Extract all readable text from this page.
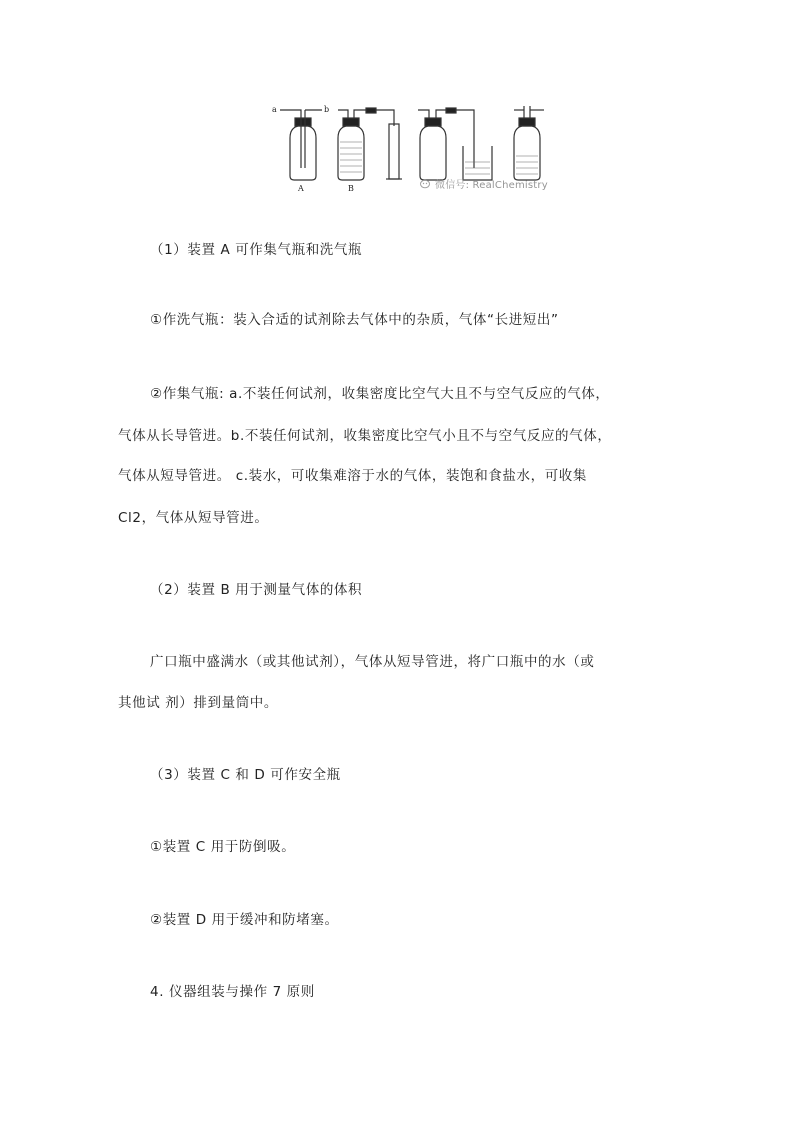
a	b
A	B	微信号: RealChemistry
（1）装置 A 可作集气瓶和洗气瓶
①作洗气瓶：装入合适的试剂除去气体中的杂质，气体“长进短出”
②作集气瓶: a.不装任何试剂，收集密度比空气大且不与空气反应的气体，
气体从长导管进。b.不装任何试剂，收集密度比空气小且不与空气反应的气体，
气体从短导管进。 c.装水，可收集难溶于水的气体，装饱和食盐水，可收集
Cl2，气体从短导管进。
（2）装置 B 用于测量气体的体积
广口瓶中盛满水（或其他试剂），气体从短导管进，将广口瓶中的水（或
其他试 剂）排到量筒中。
（3）装置 C 和 D 可作安全瓶
①装置 C 用于防倒吸。
②装置 D 用于缓冲和防堵塞。
4. 仪器组装与操作 7 原则
